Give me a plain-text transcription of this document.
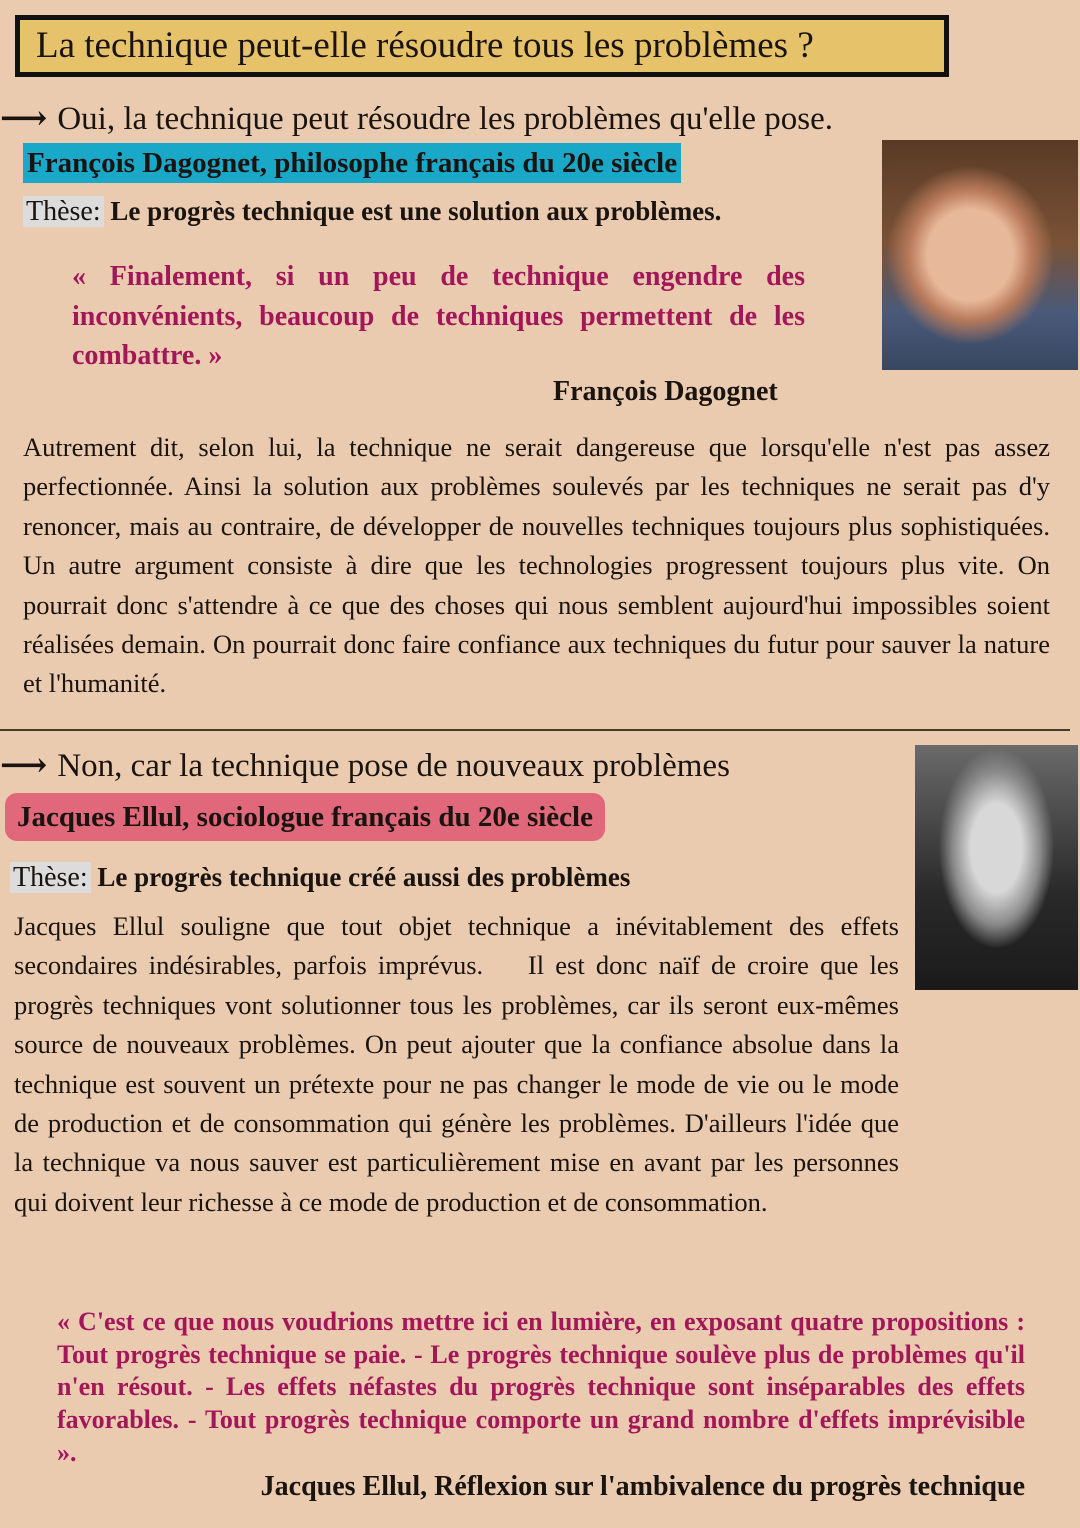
La technique peut-elle résoudre tous les problèmes ?
⟶ Oui, la technique peut résoudre les problèmes qu'elle pose.
François Dagognet, philosophe français du 20e siècle
Thèse: Le progrès technique est une solution aux problèmes.
« Finalement, si un peu de technique engendre des inconvénients, beaucoup de techniques permettent de les combattre. »
François Dagognet
Autrement dit, selon lui, la technique ne serait dangereuse que lorsqu'elle n'est pas assez perfectionnée. Ainsi la solution aux problèmes soulevés par les techniques ne serait pas d'y renoncer, mais au contraire, de développer de nouvelles techniques toujours plus sophistiquées. Un autre argument consiste à dire que les technologies progressent toujours plus vite. On pourrait donc s'attendre à ce que des choses qui nous semblent aujourd'hui impossibles soient réalisées demain. On pourrait donc faire confiance aux techniques du futur pour sauver la nature et l'humanité.
⟶ Non, car la technique pose de nouveaux problèmes
Jacques Ellul, sociologue français du 20e siècle
Thèse: Le progrès technique créé aussi des problèmes
Jacques Ellul souligne que tout objet technique a inévitablement des effets secondaires indésirables, parfois imprévus.    Il est donc naïf de croire que les progrès techniques vont solutionner tous les problèmes, car ils seront eux-mêmes source de nouveaux problèmes. On peut ajouter que la confiance absolue dans la technique est souvent un prétexte pour ne pas changer le mode de vie ou le mode de production et de consommation qui génère les problèmes. D'ailleurs l'idée que la technique va nous sauver est particulièrement mise en avant par les personnes qui doivent leur richesse à ce mode de production et de consommation.
« C'est ce que nous voudrions mettre ici en lumière, en exposant quatre propositions : Tout progrès technique se paie. - Le progrès technique soulève plus de problèmes qu'il n'en résout. - Les effets néfastes du progrès technique sont inséparables des effets favorables. - Tout progrès technique comporte un grand nombre d'effets imprévisible ».
Jacques Ellul, Réflexion sur l'ambivalence du progrès technique
